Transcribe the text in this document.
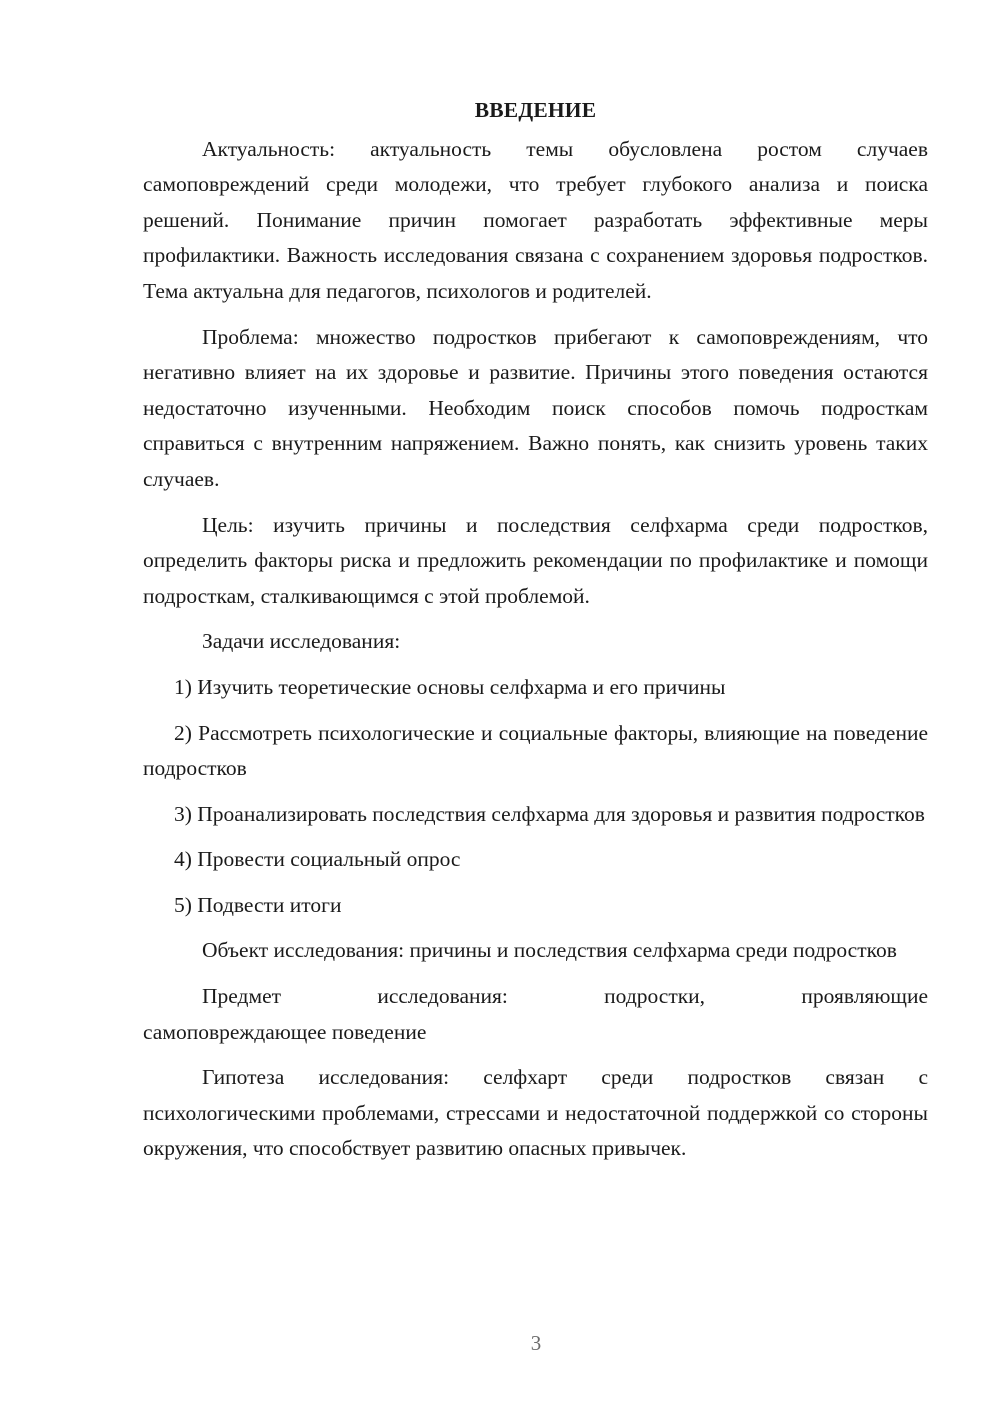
ВВЕДЕНИЕ

Актуальность: актуальность темы обусловлена ростом случаев самоповреждений среди молодежи, что требует глубокого анализа и поиска решений. Понимание причин помогает разработать эффективные меры профилактики. Важность исследования связана с сохранением здоровья подростков. Тема актуальна для педагогов, психологов и родителей.

Проблема: множество подростков прибегают к самоповреждениям, что негативно влияет на их здоровье и развитие. Причины этого поведения остаются недостаточно изученными. Необходим поиск способов помочь подросткам справиться с внутренним напряжением. Важно понять, как снизить уровень таких случаев.

Цель: изучить причины и последствия селфхарма среди подростков, определить факторы риска и предложить рекомендации по профилактике и помощи подросткам, сталкивающимся с этой проблемой.

Задачи исследования:

1) Изучить теоретические основы селфхарма и его причины

2) Рассмотреть психологические и социальные факторы, влияющие на поведение подростков

3) Проанализировать последствия селфхарма для здоровья и развития подростков

4) Провести социальный опрос

5) Подвести итоги

Объект исследования: причины и последствия селфхарма среди подростков

Предмет исследования: подростки, проявляющие
самоповреждающее поведение

Гипотеза исследования: селфхарт среди подростков связан с психологическими проблемами, стрессами и недостаточной поддержкой со стороны окружения, что способствует развитию опасных привычек.

3
